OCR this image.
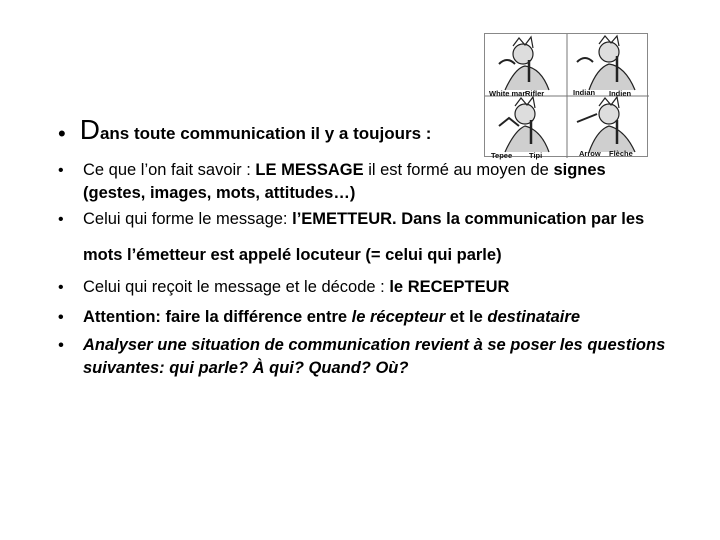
White man
Rifler	Indian Indien
Tepee Tipi	Arrow Flèche
• Dans toute communication il y a toujours :
• Ce que l’on fait savoir : LE MESSAGE il est formé au moyen de signes
(gestes, images, mots, attitudes…)
• Celui qui forme le message: l’EMETTEUR. Dans la communication par les
mots l’émetteur est appelé locuteur (= celui qui parle)
• Celui qui reçoit le message et le décode : le RECEPTEUR
• Attention: faire la différence entre le récepteur et le destinataire
• Analyser une situation de communication revient à se poser les questions
suivantes: qui parle? À qui? Quand? Où?
